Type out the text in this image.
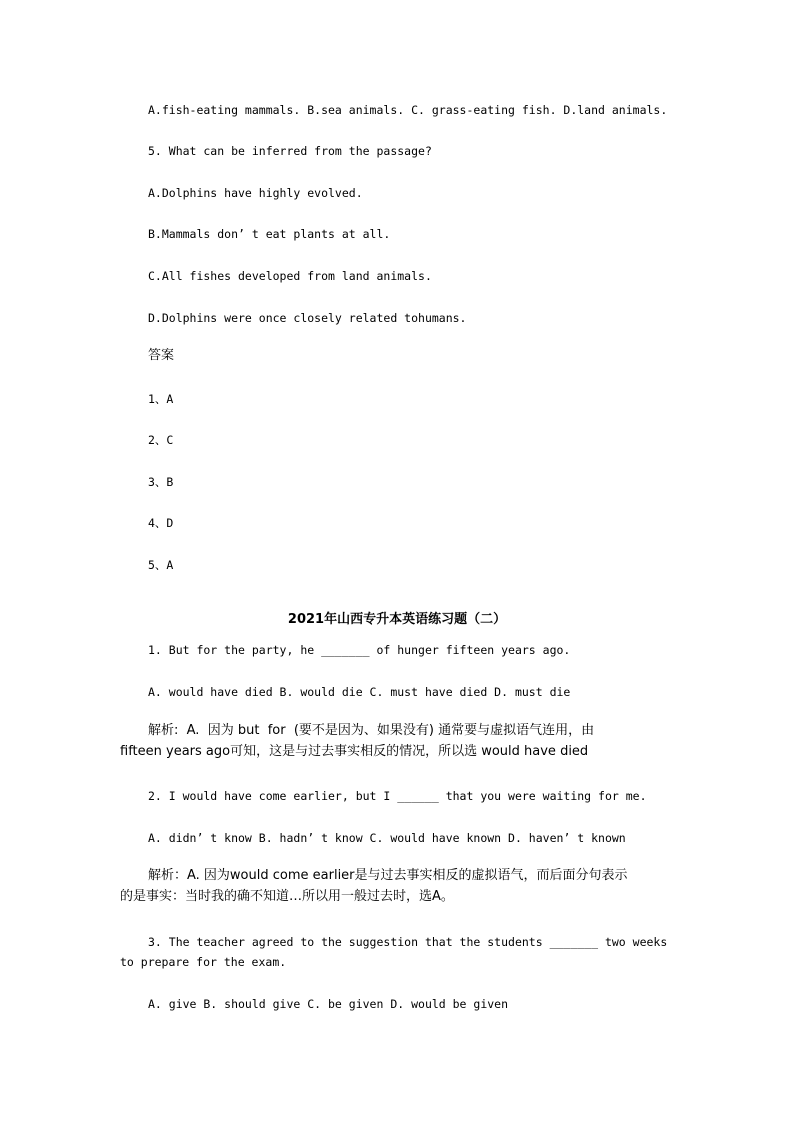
A.fish-eating mammals. B.sea animals. C. grass-eating fish. D.land animals.

5. What can be inferred from the passage?

A.Dolphins have highly evolved.

B.Mammals don’ t eat plants at all.

C.All fishes developed from land animals.

D.Dolphins were once closely related tohumans.

答案

1、A

2、C

3、B

4、D

5、A

2021年山西专升本英语练习题（二）

1. But for the party, he _______ of hunger fifteen years ago.

A. would have died B. would die C. must have died D. must die

解析:  A.  因为 but  for  (要不是因为、如果没有) 通常要与虚拟语气连用，由

fifteen years ago可知，这是与过去事实相反的情况，所以选 would have died

2. I would have come earlier, but I ______ that you were waiting for me.

A. didn’ t know B. hadn’ t know C. would have known D. haven’ t known

解析：A. 因为would come earlier是与过去事实相反的虚拟语气，而后面分句表示

的是事实：当时我的确不知道…所以用一般过去时，选A。

3. The teacher agreed to the suggestion that the students _______ two weeks

to prepare for the exam.

A. give B. should give C. be given D. would be given
